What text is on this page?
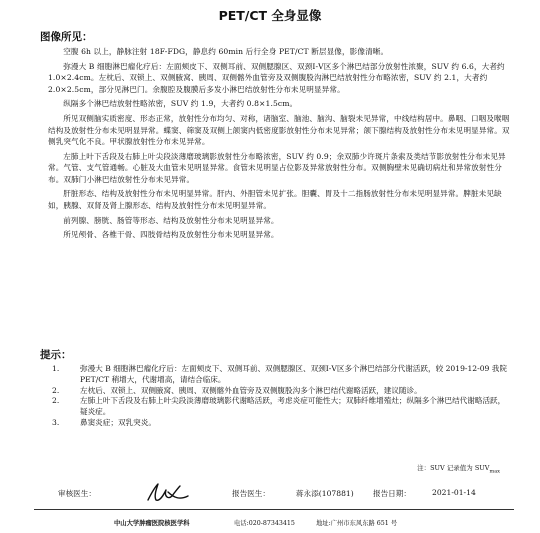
PET/CT 全身显像
图像所见：

空腹 6h 以上，静脉注射 18F-FDG，静息约 60min 后行全身 PET/CT 断层显像，影像清晰。

弥漫大 B 细胞淋巴瘤化疗后：左面颊皮下、双侧耳前、双侧腮腺区、双颈Ⅰ-Ⅴ区多个淋巴结部分放射性浓聚，SUV 约 6.6，大者约 1.0×2.4cm。左枕后、双锁上、双侧腋窝、胰周、双侧髂外血管旁及双侧腹股沟淋巴结放射性分布略浓密，SUV 约 2.1，大者约 2.0×2.5cm，部分见淋巴门。余腹腔及腹膜后多发小淋巴结放射性分布未见明显异常。

纵隔多个淋巴结放射性略浓密，SUV 约 1.9，大者约 0.8×1.5cm。

所见双侧脑实质密度、形态正常，放射性分布均匀、对称，诸脑室、脑池、脑沟、脑裂未见异常，中线结构居中。鼻咽、口咽及喉咽结构及放射性分布未见明显异常。蝶窦、筛窦及双侧上颌窦内低密度影放射性分布未见异常；颌下腺结构及放射性分布未见明显异常。双侧乳突气化不良。甲状腺放射性分布未见异常。

左肺上叶下舌段及右肺上叶尖段淡薄磨玻璃影放射性分布略浓密，SUV 约 0.9；余双肺少许斑片条索及类结节影放射性分布未见异常。气管、支气管通畅。心脏及大血管未见明显异常。食管未见明显占位影及异常放射性分布。双侧胸壁未见确切病灶和异常放射性分布。双肺门小淋巴结放射性分布未见异常。

肝脏形态、结构及放射性分布未见明显异常。肝内、外胆管未见扩张。胆囊、胃及十二指肠放射性分布未见明显异常。脾脏未见缺如，胰腺、双肾及肾上腺形态、结构及放射性分布未见明显异常。

前列腺、膀胱、肠管等形态、结构及放射性分布未见明显异常。

所见颅骨、各椎干骨、四肢骨结构及放射性分布未见明显异常。

提示：
1.	弥漫大 B 细胞淋巴瘤化疗后：左面颊皮下、双侧耳前、双侧腮腺区、双颈Ⅰ-Ⅴ区多个淋巴结部分代谢活跃，较 2019-12-09 我院 PET/CT 稍增大，代谢增高，请结合临床。
2.	左枕后、双锁上、双侧腋窝、胰周、双侧髂外血管旁及双侧腹股沟多个淋巴结代谢略活跃，建议随诊。
2.	左肺上叶下舌段及右肺上叶尖段淡薄磨玻璃影代谢略活跃，考虑炎症可能性大；双肺纤维增殖灶；纵隔多个淋巴结代谢略活跃，疑炎症。
3.	鼻窦炎症；双乳突炎。
注：SUV 记录值为 $SUV_{max}$
审核医生：	报告医生：	蒋永添(107881)	报告日期：	2021-01-14
中山大学肿瘤医院核医学科	电话:020-87343415	地址:广州市东风东路 651 号
